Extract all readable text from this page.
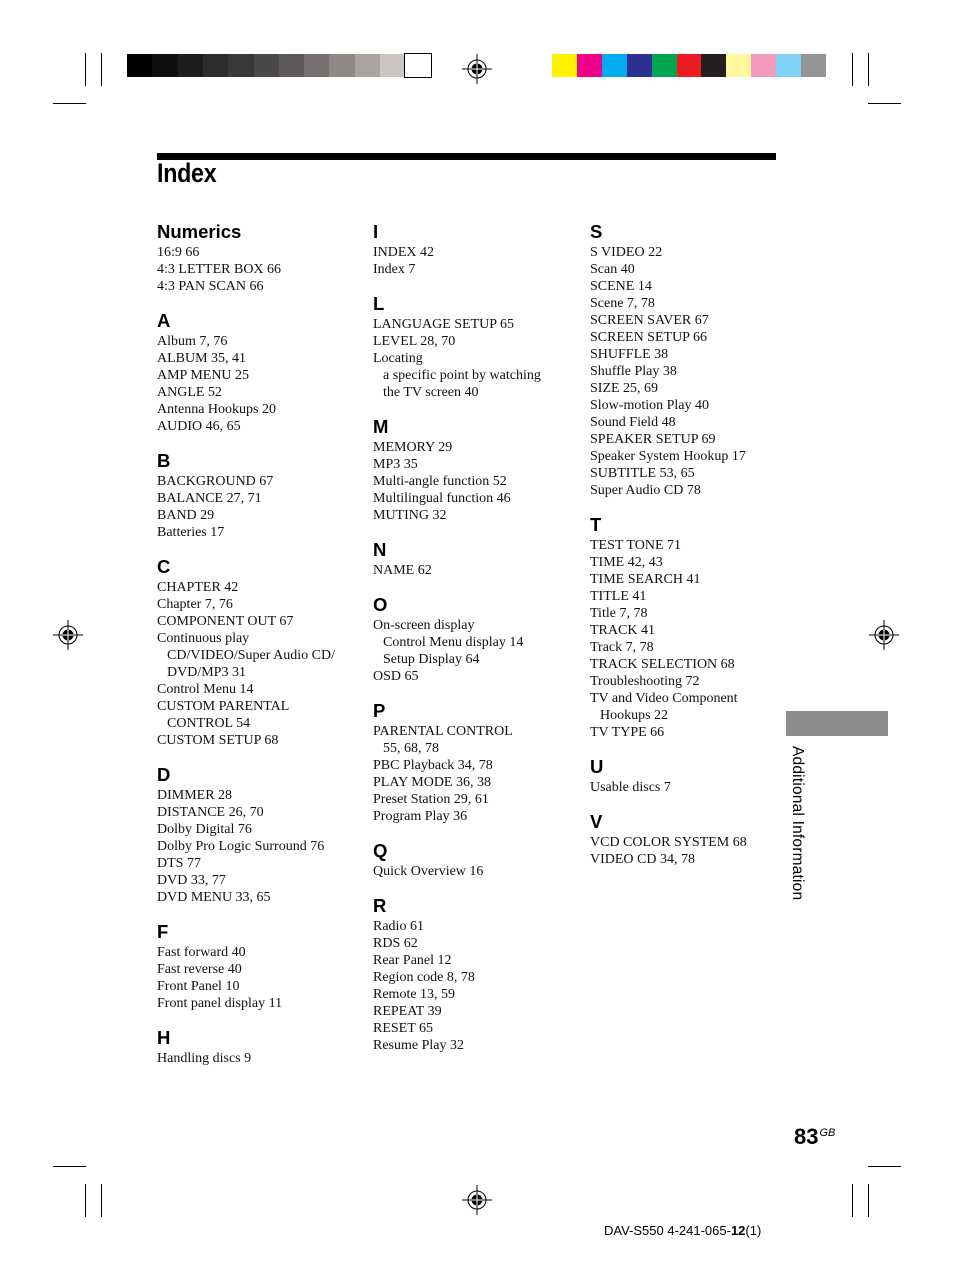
Index
Numerics
16:9 66
4:3 LETTER BOX 66
4:3 PAN SCAN 66
A
Album 7, 76
ALBUM 35, 41
AMP MENU 25
ANGLE 52
Antenna Hookups 20
AUDIO 46, 65
B
BACKGROUND 67
BALANCE 27, 71
BAND 29
Batteries 17
C
CHAPTER 42
Chapter 7, 76
COMPONENT OUT 67
Continuous play
CD/VIDEO/Super Audio CD/
DVD/MP3 31
Control Menu 14
CUSTOM PARENTAL
CONTROL 54
CUSTOM SETUP 68
D
DIMMER 28
DISTANCE 26, 70
Dolby Digital 76
Dolby Pro Logic Surround 76
DTS 77
DVD 33, 77
DVD MENU 33, 65
F
Fast forward 40
Fast reverse 40
Front Panel 10
Front panel display 11
H
Handling discs 9
I
INDEX 42
Index 7
L
LANGUAGE SETUP 65
LEVEL 28, 70
Locating
a specific point by watching
the TV screen 40
M
MEMORY 29
MP3 35
Multi-angle function 52
Multilingual function 46
MUTING 32
N
NAME 62
O
On-screen display
Control Menu display 14
Setup Display 64
OSD 65
P
PARENTAL CONTROL
55, 68, 78
PBC Playback 34, 78
PLAY MODE 36, 38
Preset Station 29, 61
Program Play 36
Q
Quick Overview 16
R
Radio 61
RDS 62
Rear Panel 12
Region code 8, 78
Remote 13, 59
REPEAT 39
RESET 65
Resume Play 32
S
S VIDEO 22
Scan 40
SCENE 14
Scene 7, 78
SCREEN SAVER 67
SCREEN SETUP 66
SHUFFLE 38
Shuffle Play 38
SIZE 25, 69
Slow-motion Play 40
Sound Field 48
SPEAKER SETUP 69
Speaker System Hookup 17
SUBTITLE 53, 65
Super Audio CD 78
T
TEST TONE 71
TIME 42, 43
TIME SEARCH 41
TITLE 41
Title 7, 78
TRACK 41
Track 7, 78
TRACK SELECTION 68
Troubleshooting 72
TV and Video Component
Hookups 22
TV TYPE 66
U
Usable discs 7
V
VCD COLOR SYSTEM 68
VIDEO CD 34, 78	Additional Information
$83^{GB}$
DAV-S550 4-241-065-12(1)
